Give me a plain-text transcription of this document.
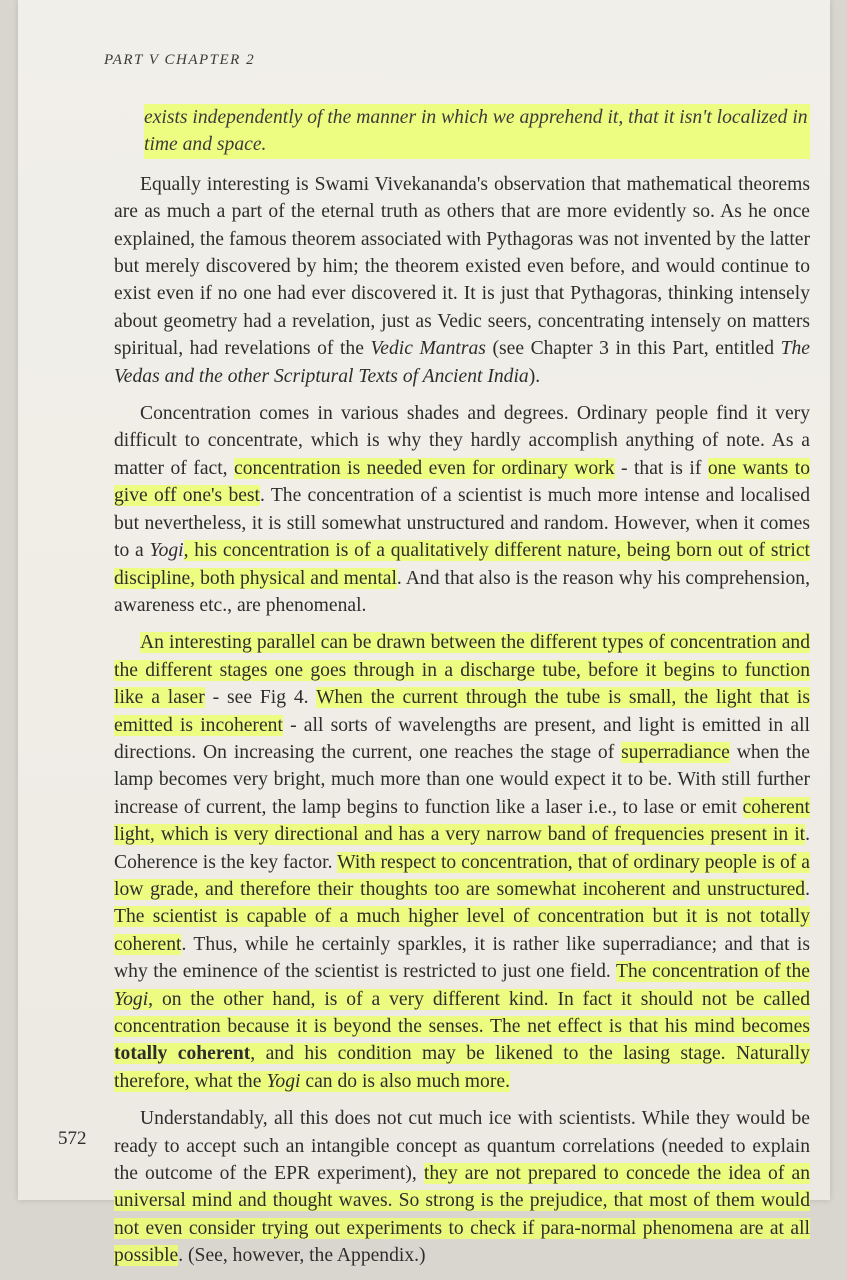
PART V CHAPTER 2
exists independently of the manner in which we apprehend it, that it isn't localized in time and space.

Equally interesting is Swami Vivekananda's observation that mathematical theorems are as much a part of the eternal truth as others that are more evidently so. As he once explained, the famous theorem associated with Pythagoras was not invented by the latter but merely discovered by him; the theorem existed even before, and would continue to exist even if no one had ever discovered it. It is just that Pythagoras, thinking intensely about geometry had a revelation, just as Vedic seers, concentrating intensely on matters spiritual, had revelations of the Vedic Mantras (see Chapter 3 in this Part, entitled The Vedas and the other Scriptural Texts of Ancient India).

Concentration comes in various shades and degrees. Ordinary people find it very difficult to concentrate, which is why they hardly accomplish anything of note. As a matter of fact, concentration is needed even for ordinary work - that is if one wants to give off one's best. The concentration of a scientist is much more intense and localised but nevertheless, it is still somewhat unstructured and random. However, when it comes to a Yogi, his concentration is of a qualitatively different nature, being born out of strict discipline, both physical and mental. And that also is the reason why his comprehension, awareness etc., are phenomenal.

An interesting parallel can be drawn between the different types of concentration and the different stages one goes through in a discharge tube, before it begins to function like a laser - see Fig 4. When the current through the tube is small, the light that is emitted is incoherent - all sorts of wavelengths are present, and light is emitted in all directions. On increasing the current, one reaches the stage of superradiance when the lamp becomes very bright, much more than one would expect it to be. With still further increase of current, the lamp begins to function like a laser i.e., to lase or emit coherent light, which is very directional and has a very narrow band of frequencies present in it. Coherence is the key factor. With respect to concentration, that of ordinary people is of a low grade, and therefore their thoughts too are somewhat incoherent and unstructured. The scientist is capable of a much higher level of concentration but it is not totally coherent. Thus, while he certainly sparkles, it is rather like superradiance; and that is why the eminence of the scientist is restricted to just one field. The concentration of the Yogi, on the other hand, is of a very different kind. In fact it should not be called concentration because it is beyond the senses. The net effect is that his mind becomes totally coherent, and his condition may be likened to the lasing stage. Naturally therefore, what the Yogi can do is also much more.

Understandably, all this does not cut much ice with scientists. While they would be ready to accept such an intangible concept as quantum correlations (needed to explain the outcome of the EPR experiment), they are not prepared to concede the idea of an universal mind and thought waves. So strong is the prejudice, that most of them would not even consider trying out experiments to check if para-normal phenomena are at all possible. (See, however, the Appendix.)

572
